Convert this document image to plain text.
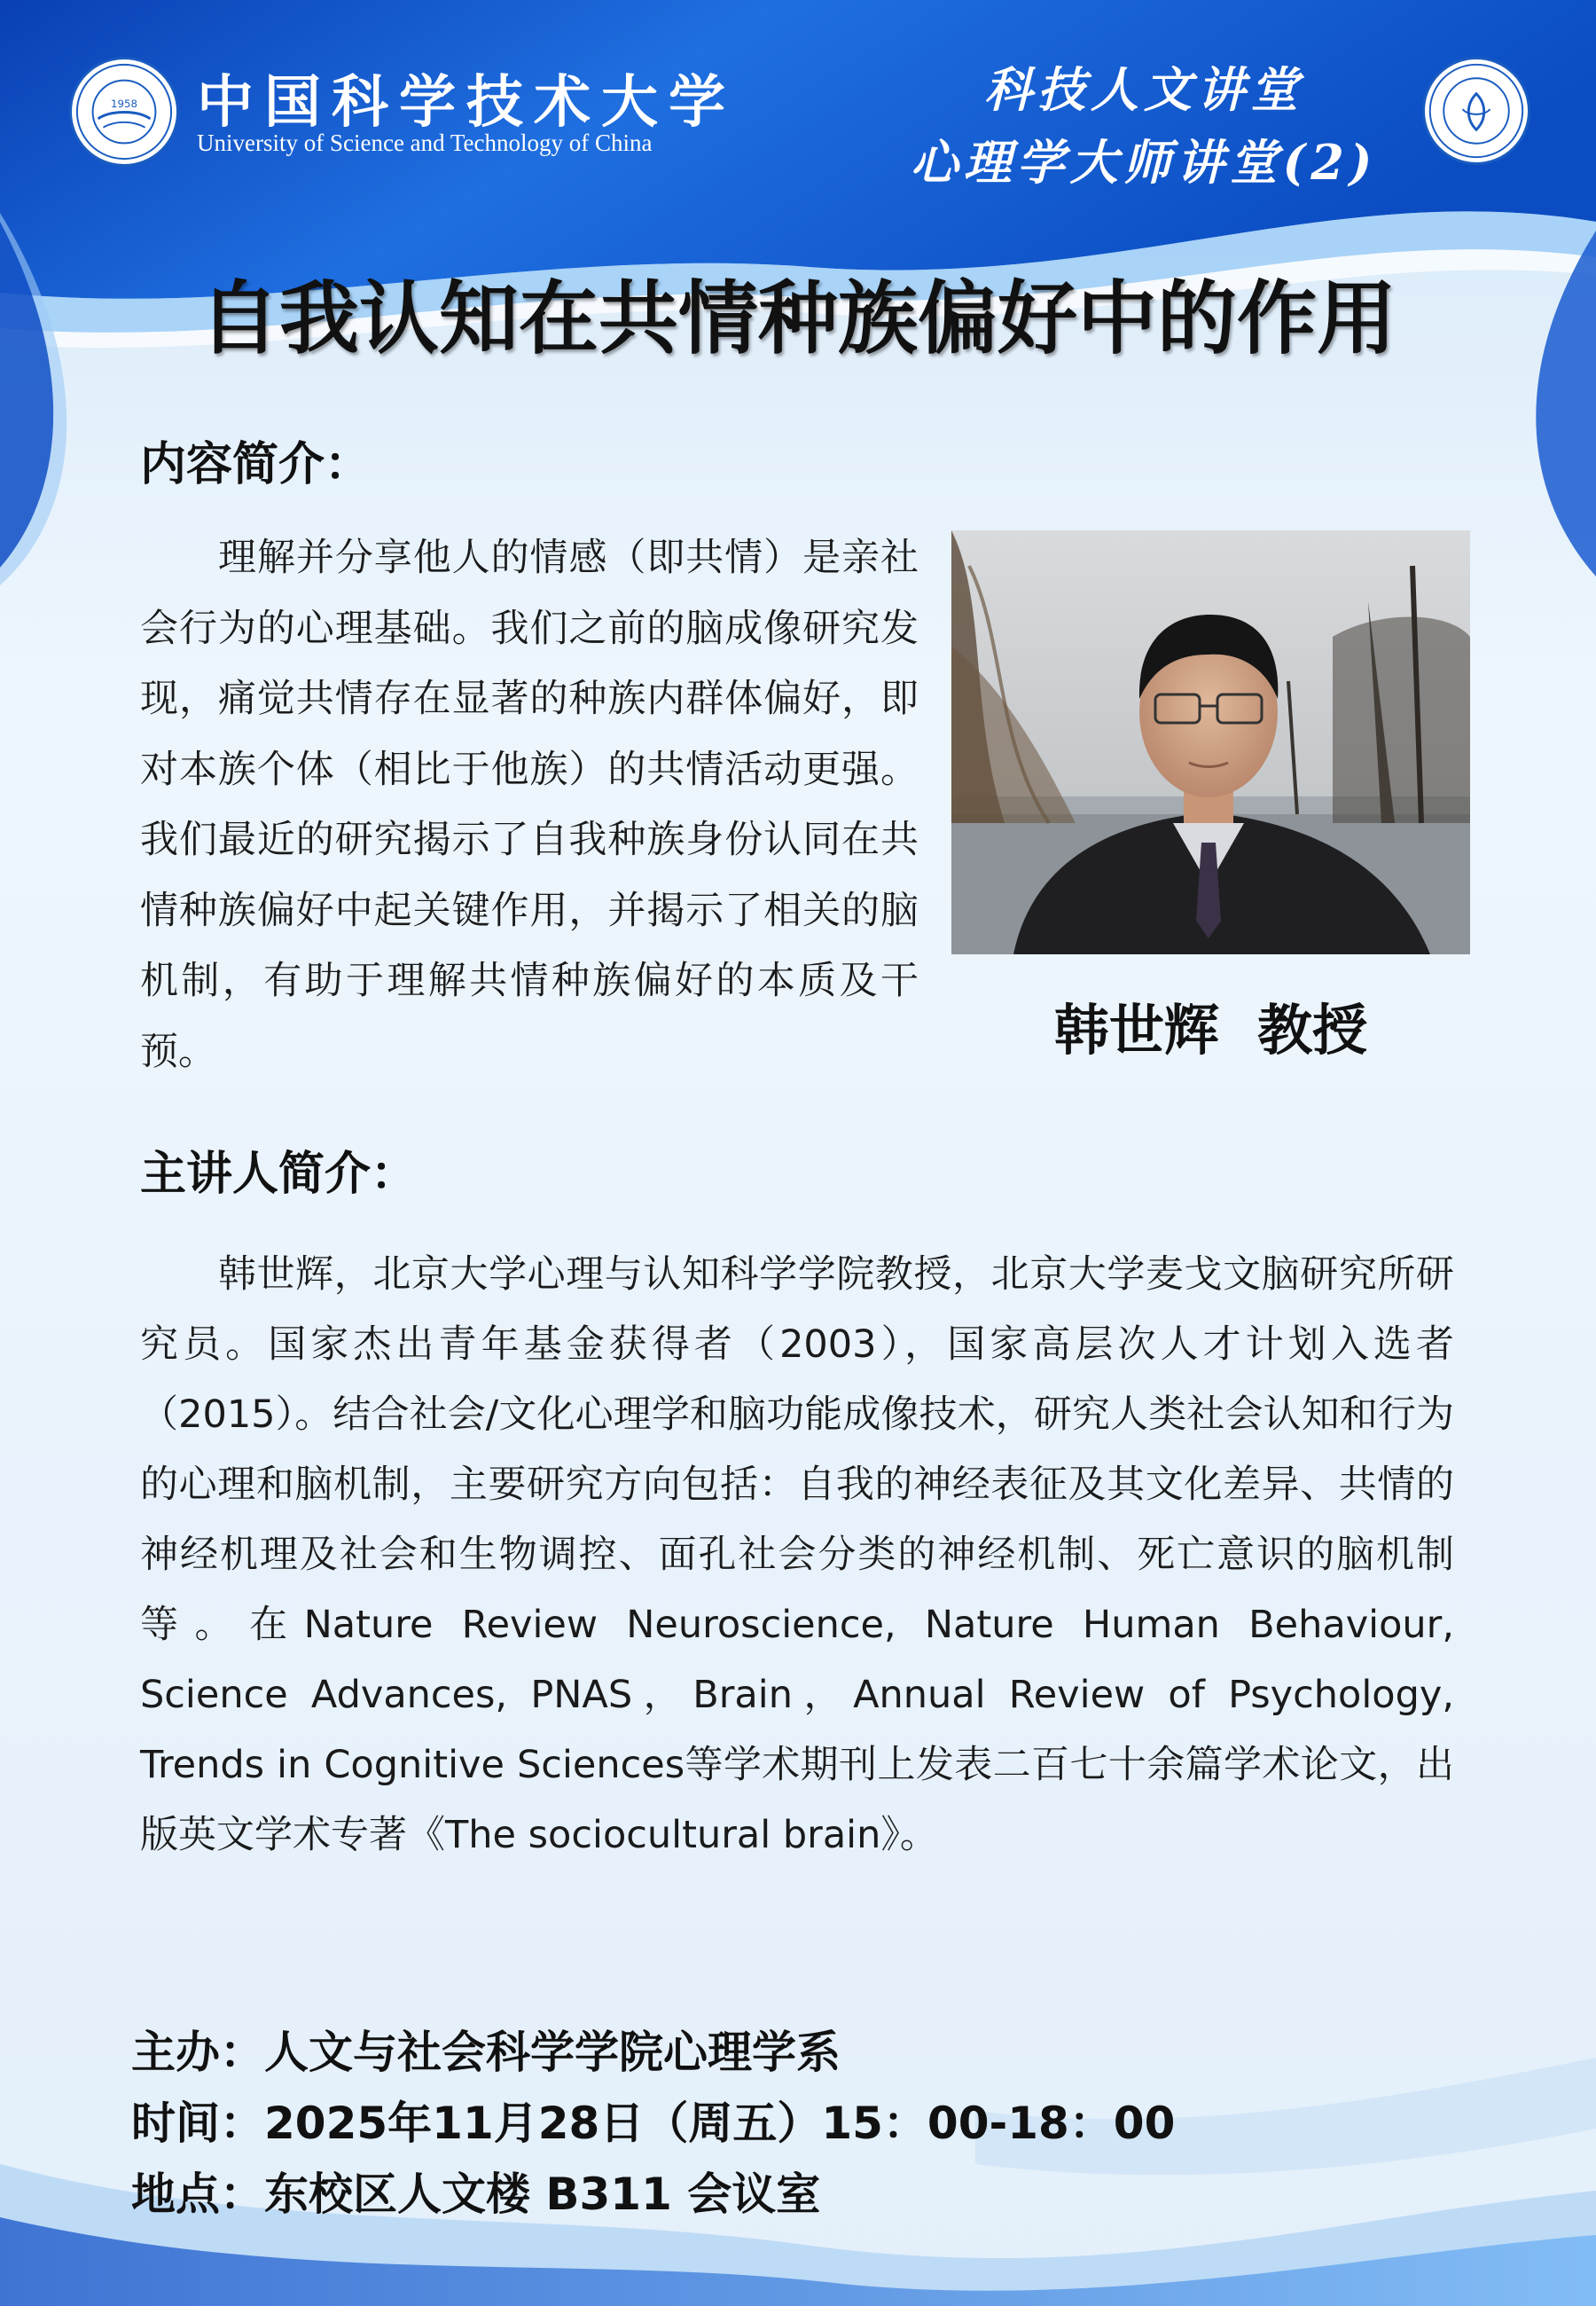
1958 中国科学技术大学
University of Science and Technology of China
科技人文讲堂
心理学大师讲堂(2)
自我认知在共情种族偏好中的作用
内容简介：
理解并分享他人的情感（即共情）是亲社会行为的心理基础。我们之前的脑成像研究发现，痛觉共情存在显著的种族内群体偏好，即对本族个体（相比于他族）的共情活动更强。我们最近的研究揭示了自我种族身份认同在共情种族偏好中起关键作用，并揭示了相关的脑机制，有助于理解共情种族偏好的本质及干预。	韩世辉  教授
主讲人简介：
韩世辉，北京大学心理与认知科学学院教授，北京大学麦戈文脑研究所研究员。国家杰出青年基金获得者（2003），国家高层次人才计划入选者（2015）。结合社会/文化心理学和脑功能成像技术，研究人类社会认知和行为的心理和脑机制，主要研究方向包括：自我的神经表征及其文化差异、共情的神经机理及社会和生物调控、面孔社会分类的神经机制、死亡意识的脑机制等。在Nature Review Neuroscience, Nature Human Behaviour, Science Advances, PNAS，Brain，Annual Review of Psychology, Trends in Cognitive Sciences等学术期刊上发表二百七十余篇学术论文，出版英文学术专著《The sociocultural brain》。
主办：人文与社会科学学院心理学系
时间：2025年11月28日（周五）15：00-18：00
地点：东校区人文楼 B311 会议室
